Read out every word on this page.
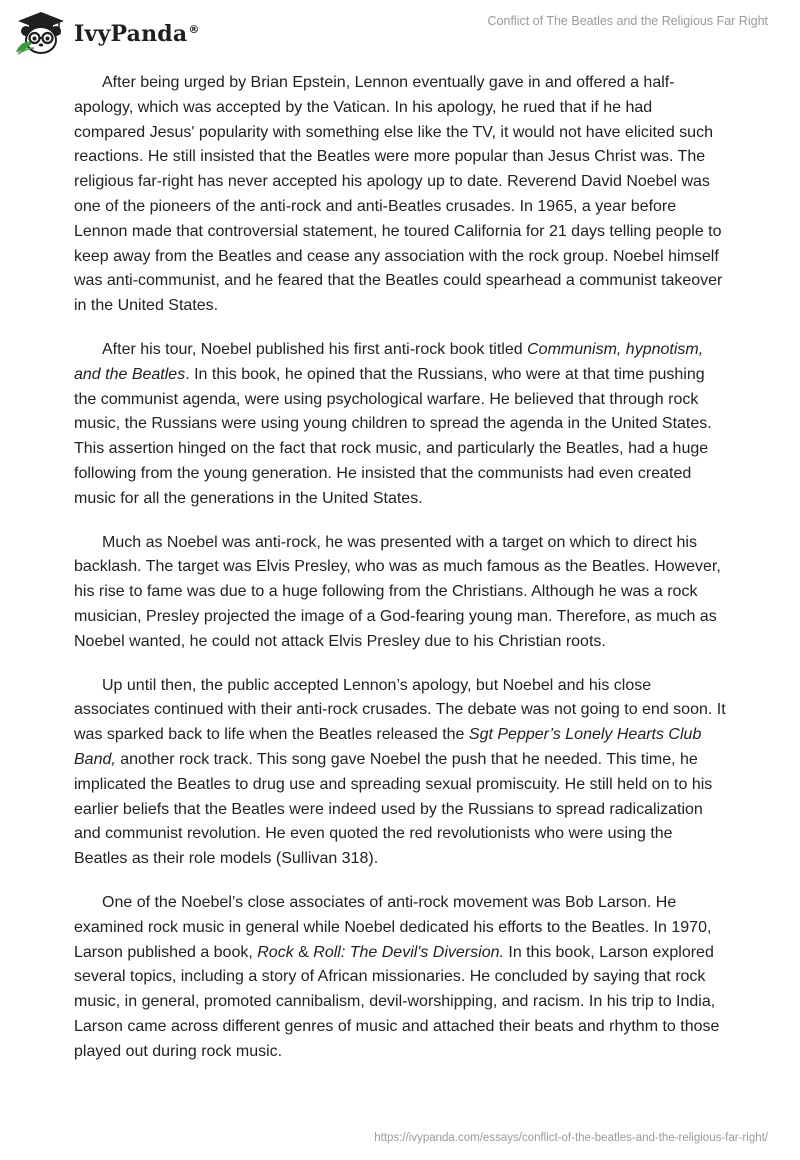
IvyPanda®
Conflict of The Beatles and the Religious Far Right

After being urged by Brian Epstein, Lennon eventually gave in and offered a half-apology, which was accepted by the Vatican. In his apology, he rued that if he had compared Jesus' popularity with something else like the TV, it would not have elicited such reactions. He still insisted that the Beatles were more popular than Jesus Christ was. The religious far-right has never accepted his apology up to date. Reverend David Noebel was one of the pioneers of the anti-rock and anti-Beatles crusades. In 1965, a year before Lennon made that controversial statement, he toured California for 21 days telling people to keep away from the Beatles and cease any association with the rock group. Noebel himself was anti-communist, and he feared that the Beatles could spearhead a communist takeover in the United States.

After his tour, Noebel published his first anti-rock book titled Communism, hypnotism, and the Beatles. In this book, he opined that the Russians, who were at that time pushing the communist agenda, were using psychological warfare. He believed that through rock music, the Russians were using young children to spread the agenda in the United States. This assertion hinged on the fact that rock music, and particularly the Beatles, had a huge following from the young generation. He insisted that the communists had even created music for all the generations in the United States.

Much as Noebel was anti-rock, he was presented with a target on which to direct his backlash. The target was Elvis Presley, who was as much famous as the Beatles. However, his rise to fame was due to a huge following from the Christians. Although he was a rock musician, Presley projected the image of a God-fearing young man. Therefore, as much as Noebel wanted, he could not attack Elvis Presley due to his Christian roots.

Up until then, the public accepted Lennon’s apology, but Noebel and his close associates continued with their anti-rock crusades. The debate was not going to end soon. It was sparked back to life when the Beatles released the Sgt Pepper’s Lonely Hearts Club Band, another rock track. This song gave Noebel the push that he needed. This time, he implicated the Beatles to drug use and spreading sexual promiscuity. He still held on to his earlier beliefs that the Beatles were indeed used by the Russians to spread radicalization and communist revolution. He even quoted the red revolutionists who were using the Beatles as their role models (Sullivan 318).

One of the Noebel’s close associates of anti-rock movement was Bob Larson. He examined rock music in general while Noebel dedicated his efforts to the Beatles. In 1970, Larson published a book, Rock & Roll: The Devil's Diversion. In this book, Larson explored several topics, including a story of African missionaries. He concluded by saying that rock music, in general, promoted cannibalism, devil-worshipping, and racism. In his trip to India, Larson came across different genres of music and attached their beats and rhythm to those played out during rock music.

https://ivypanda.com/essays/conflict-of-the-beatles-and-the-religious-far-right/
